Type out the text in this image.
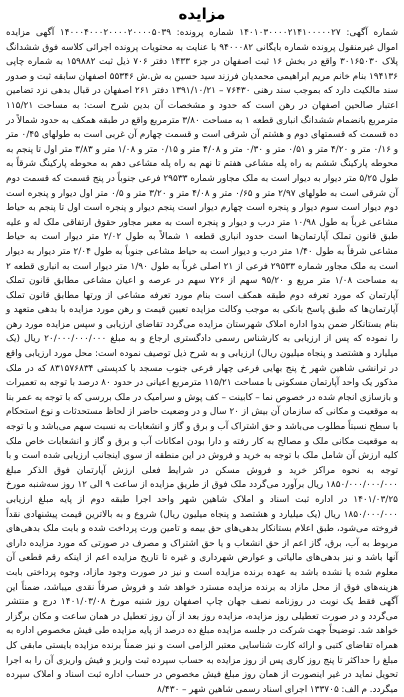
مزایده

شماره آگهی: ۱۴۰۱۰۳۰۰۰۰۲۱۴۱۰۰۰۰۰۲۷ شماره پرونده: ۱۴۰۰۰۴۰۰۰۲۰۰۰۰۲۰۰۰۰۵۰۳۹ آگهی مزایده اموال غیرمنقول پرونده شماره بایگانی ۹۴۰۰۰۸۲ با عنایت به محتویات پرونده اجرائی کلاسه فوق ششدانگ پلاک ۳۰۱۶۵۰۳۰ واقع در بخش ۱۶ ثبت اصفهان در جزء ۱۴۳۳ دفتر ۷۰۶ ذیل ثبت ۱۵۹۸۸۲ به شماره چاپی ۱۹۴۱۳۶ بنام خانم مریم ابراهیمی محمدیان فرزند سید حسین به ش.ش ۵۵۳۴۶ اصفهان سابقه ثبت و صدور سند مالکیت دارد که بموجب سند رهنی ۷۶۴۳۰ – ۱۳۹۱/۱۰/۲۱ دفتر ۲۶۱ اصفهان در قبال بدهی نزد تضامین اعتبار صالحین اصفهان در رهن است که حدود و مشخصات آن بدین شرح است: به مساحت ۱۱۵/۲۱ مترمربع بانضمام ششدانگ انباری قطعه ۱ به مساحت ۳/۸۰ مترمربع واقع در طبقه همکف به حدود شمالاً در ده قسمت که قسمتهای دوم و هشتم آن شرقی است و قسمت چهارم آن غربی است به طولهای ۰/۴۵ متر و ۰/۱۶ متر و ۴/۲۰ متر و ۰/۵۱ متر و ۰/۳۰ متر و ۴/۰۸ متر و ۰/۱۵ متر و ۱/۰۸ متر و ۳/۸۳ متر اول تا پنجم به محوطه پارکینگ ششم به راه پله مشاعی هفتم تا نهم به راه پله مشاعی دهم به محوطه پارکینگ شرقاً به طول ۵/۲۵ متر دیوار به دیوار است به ملک مجاور شماره ۲۹۵۳۳ فرعی جنوباً در پنج قسمت که قسمت دوم آن شرقی است به طولهای ۲/۹۷ متر و ۰/۶۵ متر و ۴/۰۸ متر و ۳/۲۰ متر و ۰/۵ متر اول دیوار و پنجره است دوم دیوار است سوم دیوار و پنجره است چهارم دیوار است پنجم دیوار و پنجره است اول تا پنجم به حیاط مشاعی غرباً به طول ۱۰/۹۸ متر درب و دیوار و پنجره است به معبر مجاور حقوق ارتفاقی ملک له و علیه طبق قانون تملک آپارتمان‌ها است حدود انباری قطعه ۱ شمالاً به طول ۲/۰۲ متر دیوار است به حیاط مشاعی شرقاً به طول ۱/۴۰ متر درب و دیوار است به حیاط مشاعی جنوباً به طول ۲/۰۴ متر دیوار به دیوار است به ملک مجاور شماره ۲۹۵۳۳ فرعی از ۲۱ اصلی غرباً به طول ۱/۹۰ متر دیوار است به انباری قطعه ۲ به مساحت ۱/۰۸ متر مربع و ۹۵/۲۰ سهم از ۷۲۶ سهم در عرصه و اعیان مشاعی مطابق قانون تملک آپارتمان که مورد تعرفه دوم طبقه همکف است بنام مورد تعرفه مشاعی از ورتها مطابق قانون تملک آپارتمان‌ها که طبق پاسخ بانکی به موجب وکالت مزایده تعیین قیمت و رهن مورد مزایده با بدهی متعهد و بنام بستانکار ضمن بدوا اداره املاک شهرستان مزایده می‌گردد تقاضای ارزیابی و سپس مزایده مورد رهن را نموده که پس از ارزیابی به کارشناس رسمی دادگستری ارجاع و به مبلغ ۲۰/۰۰۰/۰۰۰/۰۰۰ ریال (یک میلیارد و هشتصد و پنجاه میلیون ریال) ارزیابی و به شرح ذیل توصیف نموده است: محل مورد ارزیابی واقع در ترانشی شاهین شهر خ پنج بهایی فرعی چهار فرعی جنوب مسجد با کدپستی ۸۳۱۵۷۶۸۳۴ که در ملک مذکور یک واحد آپارتمان مسکونی با مساحت ۱۱۵/۲۱ مترمربع اعیانی در حدود ۸۰ درصد با توجه به تعمیرات و بازسازی انجام شده در خصوص نما – کابینت – کف پوش و سرامیک در ملک بررسی که با توجه به عمر بنا به موقعیت و مکانی که سازمان آن بیش از ۲۰ سال و در وضعیت حاضر از لحاظ مستحدثات و نوع استحکام با سطح نسبتاً مطلوب می‌باشد و حق اشتراک آب و برق و گاز و انشعابات به نسبت سهم می‌باشد و با توجه به موقعیت مکانی ملک و مصالح به کار رفته و دارا بودن امکانات آب و برق و گاز و انشعابات خاص ملک کلیه ارزش آن شامل ملک با توجه به خرید و فروش در این منطقه از سوی اینجانب ارزیابی شده است و با توجه به نحوه مراکز خرید و فروش مسکن در شرایط فعلی ارزش آپارتمان فوق الذکر مبلغ ۱۸۵۰/۰۰۰/۰۰۰/۰۰۰ ریال برآورد می‌گردد ملک فوق از طریق مزایده از ساعت ۹ الی ۱۲ روز سه‌شنبه مورخ ۱۴۰۱/۰۳/۲۵ در اداره ثبت اسناد و املاک شاهین شهر واحد اجرا طبقه دوم از پایه مبلغ ارزیابی ۱۸۵۰/۰۰۰/۰۰۰ ریال (یک میلیارد و هشتصد و پنجاه میلیون ریال) شروع و به بالاترین قیمت پیشنهادی نقداً فروخته می‌شود، طبق اعلام بستانکار بدهی‌های حق بیمه و تامین ورت پرداخت شده و بابت ملک بدهی‌های مربوط به آب، برق، گاز اعم از حق انشعاب و یا حق اشتراک و مصرف در صورتی که مورد مزایده دارای آنها باشد و نیز بدهی‌های مالیاتی و عوارض شهرداری و غیره تا تاریخ مزایده اعم از اینکه رقم قطعی آن معلوم شده یا نشده باشد به عهده برنده مزایده است و نیز در صورت وجود مازاد، وجوه پرداختی بابت هزینه‌های فوق از محل مازاد به برنده مزایده مسترد خواهد شد و فروش صرفاً نقدی میباشد، ضمناً این آگهی فقط یک نوبت در روزنامه نصف جهان چاپ اصفهان روز شنبه مورخ ۱۴۰۱/۰۳/۰۸ درج و منتشر می‌گردد و در صورت تعطیلی روز مزایده، مزایده روز بعد از آن روز تعطیل در همان ساعت و مکان برگزار خواهد شد. توضیحاً جهت شرکت در جلسه مزایده مبلغ ده درصد از پایه مزایده طی فیش مخصوص اداره به همراه تقاضای کتبی و ارائه کارت شناسایی معتبر الزامی است و نیز ضمناً برنده مزایده بایستی مابقی کل مبلغ را حداکثر تا پنج روز کاری پس از روز مزایده به حساب سپرده ثبت واریز و فیش واریزی آن را به اجرا تحویل نماید در غیر اینصورت از همان روز مبلغ فیش مخصوص در حساب اداره ثبت اسناد و املاک سپرده میگردد. م الف: ۱۳۳۷۰۵ اجرای اسناد رسمی شاهین شهر – ۸/۴۳۰
